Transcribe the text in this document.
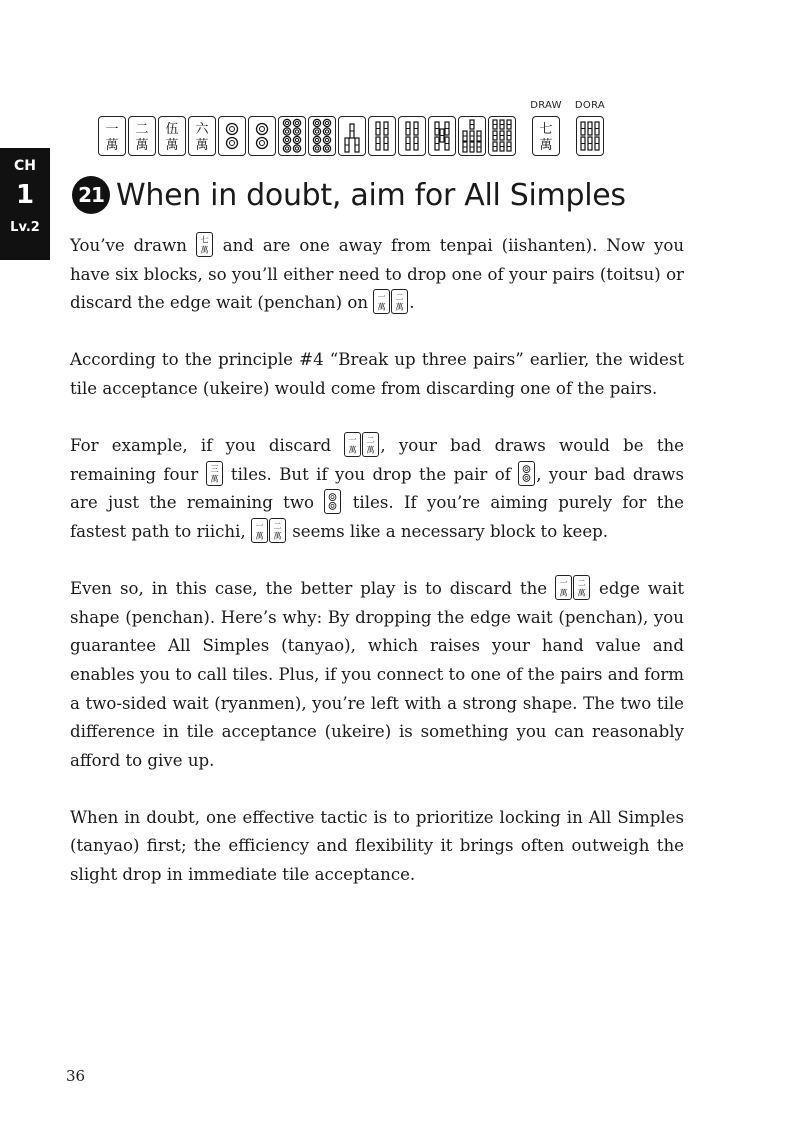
CH
1
Lv.2
一
萬
二
萬
伍
萬
六
萬
七
萬
DRAW DORA
21 When in doubt, aim for All Simples

You’ve drawn 七
萬 and are one away from tenpai (iishanten). Now you have six blocks, so you’ll either need to drop one of your pairs (toitsu) or discard the edge wait (penchan) on 一
萬
二
萬 .

According to the principle #4 “Break up three pairs” earlier, the widest tile acceptance (ukeire) would come from discarding one of the pairs.

For example, if you discard 一
萬
二
萬 , your bad draws would be the remaining four 三
萬 tiles. But if you drop the pair of
, your bad draws are just the remaining two
tiles. If you’re aiming purely for the fastest path to riichi, 一
萬
二
萬 seems like a necessary block to keep.

Even so, in this case, the better play is to discard the 一
萬
二
萬 edge wait shape (penchan). Here’s why: By dropping the edge wait (penchan), you guarantee All Simples (tanyao), which raises your hand value and enables you to call tiles. Plus, if you connect to one of the pairs and form a two-sided wait (ryanmen), you’re left with a strong shape. The two tile difference in tile acceptance (ukeire) is something you can reasonably afford to give up.

When in doubt, one effective tactic is to prioritize locking in All Simples (tanyao) first; the efficiency and flexibility it brings often outweigh the slight drop in immediate tile acceptance.

36
